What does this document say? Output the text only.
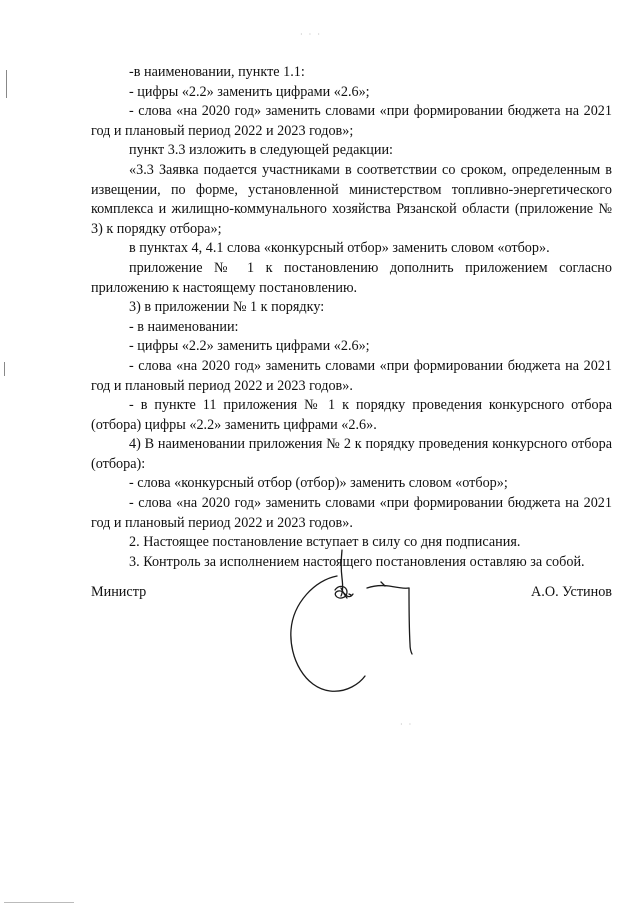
-в наименовании, пункте 1.1:

- цифры «2.2» заменить цифрами «2.6»;

- слова «на 2020 год» заменить словами «при формировании бюджета на 2021 год и плановый период 2022 и 2023 годов»;

пункт 3.3 изложить в следующей редакции:

«3.3 Заявка подается участниками в соответствии со сроком, определенным в извещении, по форме, установленной министерством топливно-энергетического комплекса и жилищно-коммунального хозяйства Рязанской области (приложение № 3) к порядку отбора»;

в пунктах 4, 4.1 слова «конкурсный отбор» заменить словом «отбор».

приложение № 1 к постановлению дополнить приложением согласно приложению к настоящему постановлению.

3) в приложении № 1 к порядку:

- в наименовании:

- цифры «2.2» заменить цифрами «2.6»;

- слова «на 2020 год» заменить словами «при формировании бюджета на 2021 год и плановый период 2022 и 2023 годов».

- в пункте 11 приложения № 1 к порядку проведения конкурсного отбора (отбора) цифры «2.2» заменить цифрами «2.6».

4) В наименовании приложения № 2 к порядку проведения конкурсного отбора (отбора):

- слова «конкурсный отбор (отбор)» заменить словом «отбор»;

- слова «на 2020 год» заменить словами «при формировании бюджета на 2021 год и плановый период 2022 и 2023 годов».

2. Настоящее постановление вступает в силу со дня подписания.

3. Контроль за исполнением настоящего постановления оставляю за собой.

Министр	А.О. Устинов
· · ·
· ·
